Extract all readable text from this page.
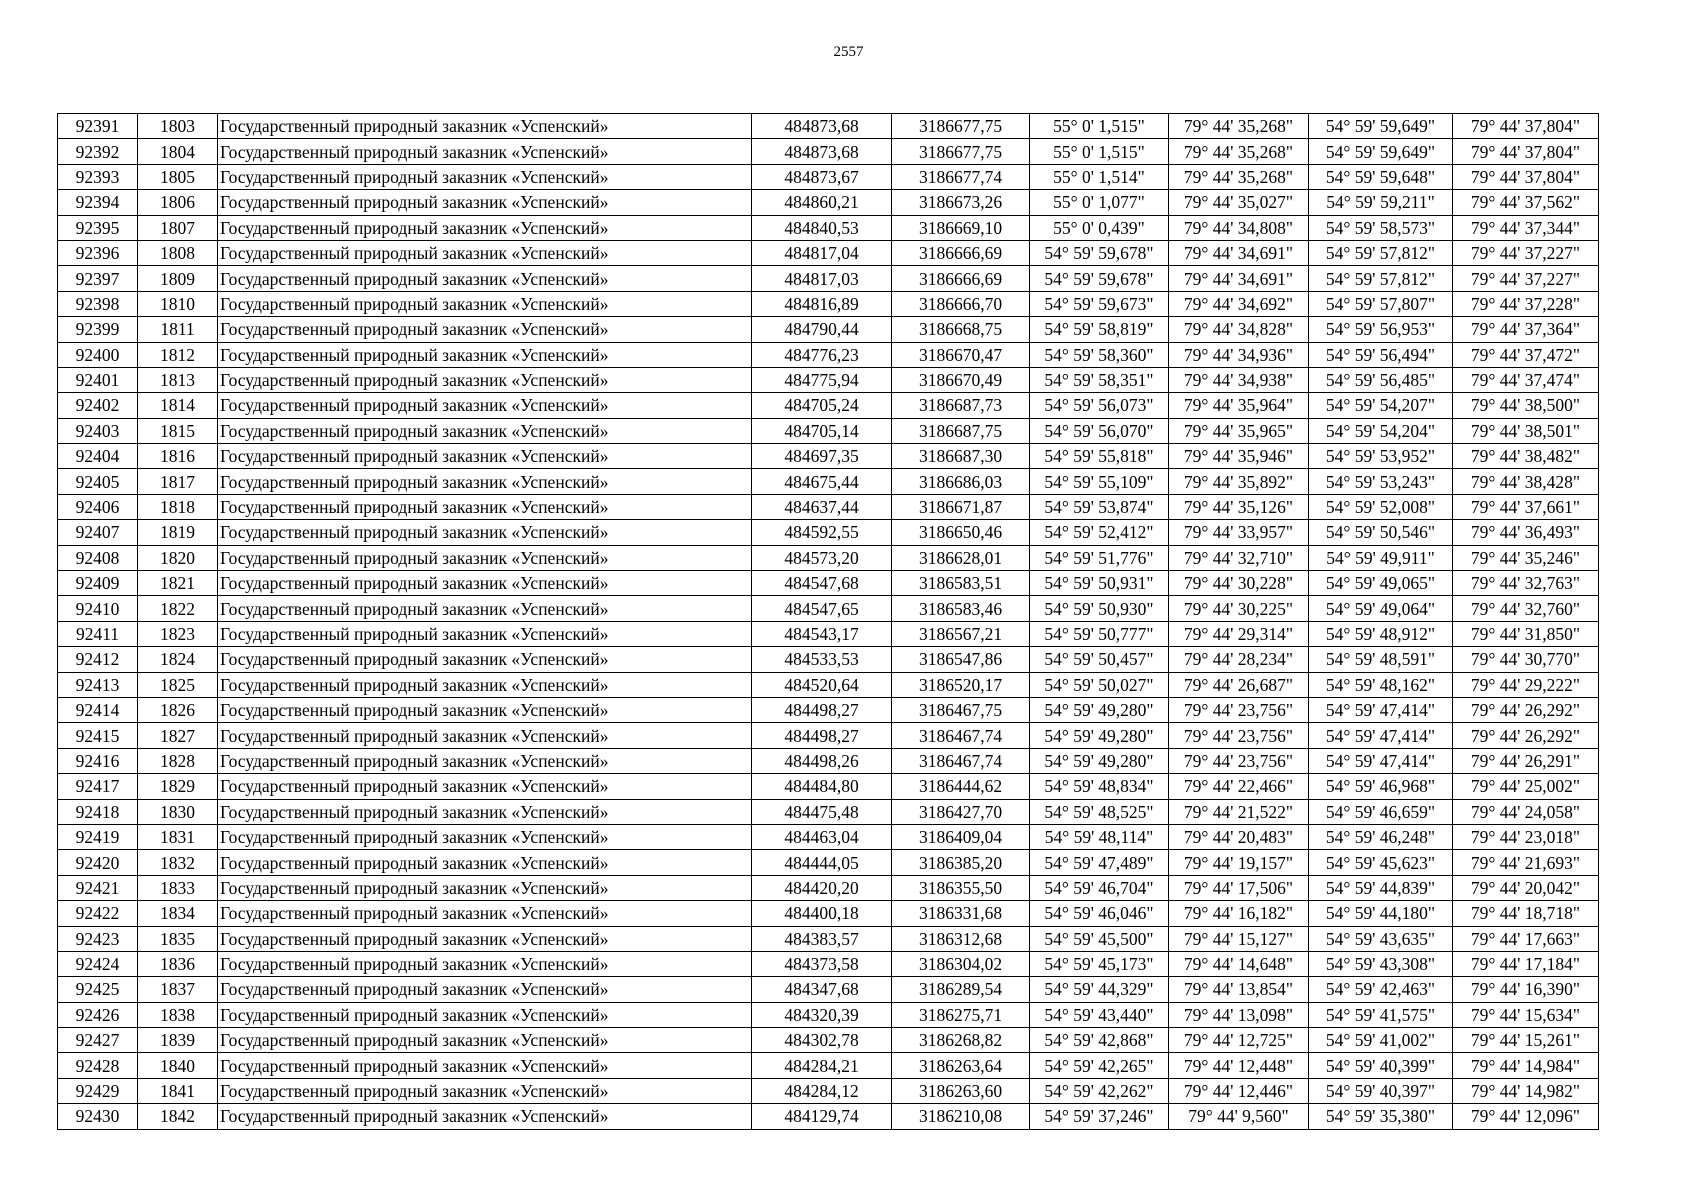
2557
92391	1803	Государственный природный заказник «Успенский»	484873,68	3186677,75	55° 0' 1,515"	79° 44' 35,268"	54° 59' 59,649"	79° 44' 37,804"
92392	1804	Государственный природный заказник «Успенский»	484873,68	3186677,75	55° 0' 1,515"	79° 44' 35,268"	54° 59' 59,649"	79° 44' 37,804"
92393	1805	Государственный природный заказник «Успенский»	484873,67	3186677,74	55° 0' 1,514"	79° 44' 35,268"	54° 59' 59,648"	79° 44' 37,804"
92394	1806	Государственный природный заказник «Успенский»	484860,21	3186673,26	55° 0' 1,077"	79° 44' 35,027"	54° 59' 59,211"	79° 44' 37,562"
92395	1807	Государственный природный заказник «Успенский»	484840,53	3186669,10	55° 0' 0,439"	79° 44' 34,808"	54° 59' 58,573"	79° 44' 37,344"
92396	1808	Государственный природный заказник «Успенский»	484817,04	3186666,69	54° 59' 59,678"	79° 44' 34,691"	54° 59' 57,812"	79° 44' 37,227"
92397	1809	Государственный природный заказник «Успенский»	484817,03	3186666,69	54° 59' 59,678"	79° 44' 34,691"	54° 59' 57,812"	79° 44' 37,227"
92398	1810	Государственный природный заказник «Успенский»	484816,89	3186666,70	54° 59' 59,673"	79° 44' 34,692"	54° 59' 57,807"	79° 44' 37,228"
92399	1811	Государственный природный заказник «Успенский»	484790,44	3186668,75	54° 59' 58,819"	79° 44' 34,828"	54° 59' 56,953"	79° 44' 37,364"
92400	1812	Государственный природный заказник «Успенский»	484776,23	3186670,47	54° 59' 58,360"	79° 44' 34,936"	54° 59' 56,494"	79° 44' 37,472"
92401	1813	Государственный природный заказник «Успенский»	484775,94	3186670,49	54° 59' 58,351"	79° 44' 34,938"	54° 59' 56,485"	79° 44' 37,474"
92402	1814	Государственный природный заказник «Успенский»	484705,24	3186687,73	54° 59' 56,073"	79° 44' 35,964"	54° 59' 54,207"	79° 44' 38,500"
92403	1815	Государственный природный заказник «Успенский»	484705,14	3186687,75	54° 59' 56,070"	79° 44' 35,965"	54° 59' 54,204"	79° 44' 38,501"
92404	1816	Государственный природный заказник «Успенский»	484697,35	3186687,30	54° 59' 55,818"	79° 44' 35,946"	54° 59' 53,952"	79° 44' 38,482"
92405	1817	Государственный природный заказник «Успенский»	484675,44	3186686,03	54° 59' 55,109"	79° 44' 35,892"	54° 59' 53,243"	79° 44' 38,428"
92406	1818	Государственный природный заказник «Успенский»	484637,44	3186671,87	54° 59' 53,874"	79° 44' 35,126"	54° 59' 52,008"	79° 44' 37,661"
92407	1819	Государственный природный заказник «Успенский»	484592,55	3186650,46	54° 59' 52,412"	79° 44' 33,957"	54° 59' 50,546"	79° 44' 36,493"
92408	1820	Государственный природный заказник «Успенский»	484573,20	3186628,01	54° 59' 51,776"	79° 44' 32,710"	54° 59' 49,911"	79° 44' 35,246"
92409	1821	Государственный природный заказник «Успенский»	484547,68	3186583,51	54° 59' 50,931"	79° 44' 30,228"	54° 59' 49,065"	79° 44' 32,763"
92410	1822	Государственный природный заказник «Успенский»	484547,65	3186583,46	54° 59' 50,930"	79° 44' 30,225"	54° 59' 49,064"	79° 44' 32,760"
92411	1823	Государственный природный заказник «Успенский»	484543,17	3186567,21	54° 59' 50,777"	79° 44' 29,314"	54° 59' 48,912"	79° 44' 31,850"
92412	1824	Государственный природный заказник «Успенский»	484533,53	3186547,86	54° 59' 50,457"	79° 44' 28,234"	54° 59' 48,591"	79° 44' 30,770"
92413	1825	Государственный природный заказник «Успенский»	484520,64	3186520,17	54° 59' 50,027"	79° 44' 26,687"	54° 59' 48,162"	79° 44' 29,222"
92414	1826	Государственный природный заказник «Успенский»	484498,27	3186467,75	54° 59' 49,280"	79° 44' 23,756"	54° 59' 47,414"	79° 44' 26,292"
92415	1827	Государственный природный заказник «Успенский»	484498,27	3186467,74	54° 59' 49,280"	79° 44' 23,756"	54° 59' 47,414"	79° 44' 26,292"
92416	1828	Государственный природный заказник «Успенский»	484498,26	3186467,74	54° 59' 49,280"	79° 44' 23,756"	54° 59' 47,414"	79° 44' 26,291"
92417	1829	Государственный природный заказник «Успенский»	484484,80	3186444,62	54° 59' 48,834"	79° 44' 22,466"	54° 59' 46,968"	79° 44' 25,002"
92418	1830	Государственный природный заказник «Успенский»	484475,48	3186427,70	54° 59' 48,525"	79° 44' 21,522"	54° 59' 46,659"	79° 44' 24,058"
92419	1831	Государственный природный заказник «Успенский»	484463,04	3186409,04	54° 59' 48,114"	79° 44' 20,483"	54° 59' 46,248"	79° 44' 23,018"
92420	1832	Государственный природный заказник «Успенский»	484444,05	3186385,20	54° 59' 47,489"	79° 44' 19,157"	54° 59' 45,623"	79° 44' 21,693"
92421	1833	Государственный природный заказник «Успенский»	484420,20	3186355,50	54° 59' 46,704"	79° 44' 17,506"	54° 59' 44,839"	79° 44' 20,042"
92422	1834	Государственный природный заказник «Успенский»	484400,18	3186331,68	54° 59' 46,046"	79° 44' 16,182"	54° 59' 44,180"	79° 44' 18,718"
92423	1835	Государственный природный заказник «Успенский»	484383,57	3186312,68	54° 59' 45,500"	79° 44' 15,127"	54° 59' 43,635"	79° 44' 17,663"
92424	1836	Государственный природный заказник «Успенский»	484373,58	3186304,02	54° 59' 45,173"	79° 44' 14,648"	54° 59' 43,308"	79° 44' 17,184"
92425	1837	Государственный природный заказник «Успенский»	484347,68	3186289,54	54° 59' 44,329"	79° 44' 13,854"	54° 59' 42,463"	79° 44' 16,390"
92426	1838	Государственный природный заказник «Успенский»	484320,39	3186275,71	54° 59' 43,440"	79° 44' 13,098"	54° 59' 41,575"	79° 44' 15,634"
92427	1839	Государственный природный заказник «Успенский»	484302,78	3186268,82	54° 59' 42,868"	79° 44' 12,725"	54° 59' 41,002"	79° 44' 15,261"
92428	1840	Государственный природный заказник «Успенский»	484284,21	3186263,64	54° 59' 42,265"	79° 44' 12,448"	54° 59' 40,399"	79° 44' 14,984"
92429	1841	Государственный природный заказник «Успенский»	484284,12	3186263,60	54° 59' 42,262"	79° 44' 12,446"	54° 59' 40,397"	79° 44' 14,982"
92430	1842	Государственный природный заказник «Успенский»	484129,74	3186210,08	54° 59' 37,246"	79° 44' 9,560"	54° 59' 35,380"	79° 44' 12,096"
